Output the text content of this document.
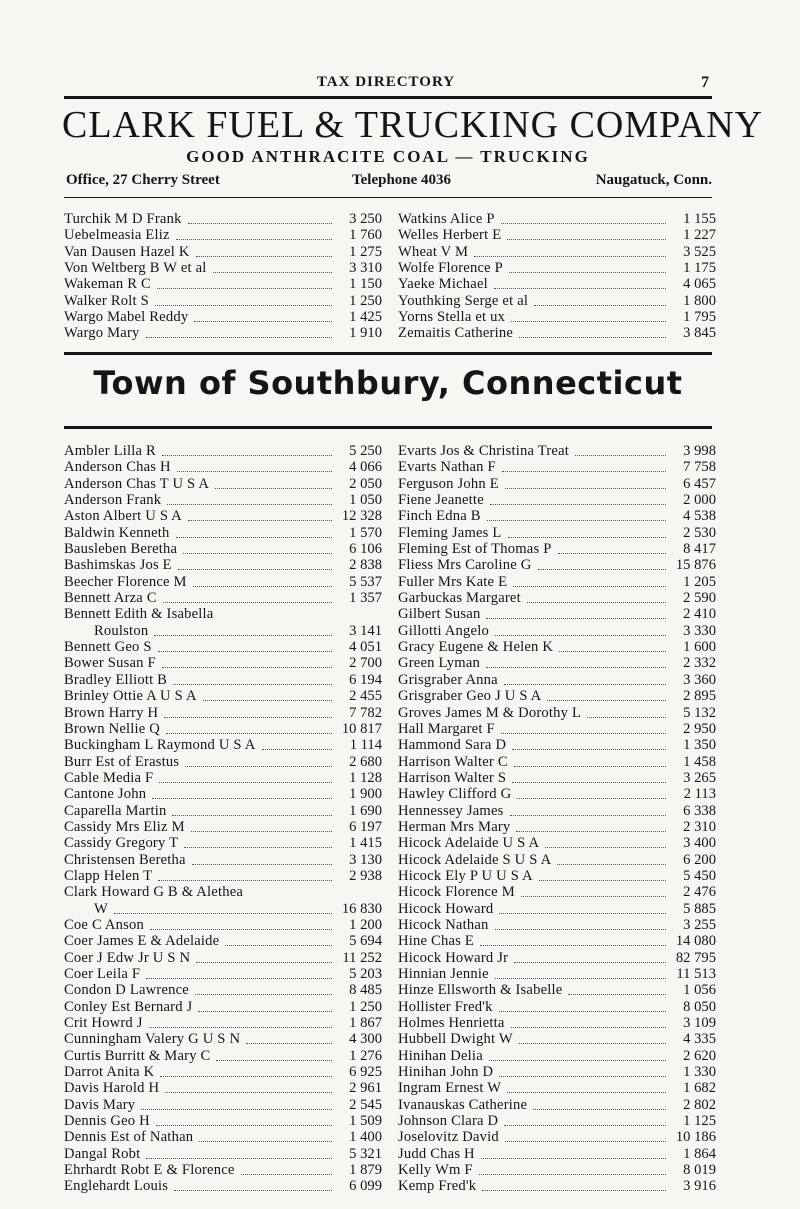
TAX DIRECTORY	7
CLARK FUEL & TRUCKING COMPANY
GOOD ANTHRACITE COAL — TRUCKING
Office, 27 Cherry Street	Telephone 4036	Naugatuck, Conn.
Turchik M D Frank	3 250
Uebelmeasia Eliz	1 760
Van Dausen Hazel K	1 275
Von Weltberg B W et al	3 310
Wakeman R C	1 150
Walker Rolt S	1 250
Wargo Mabel Reddy	1 425
Wargo Mary	1 910
Watkins Alice P	1 155
Welles Herbert E	1 227
Wheat V M	3 525
Wolfe Florence P	1 175
Yaeke Michael	4 065
Youthking Serge et al	1 800
Yorns Stella et ux	1 795
Zemaitis Catherine	3 845
Town of Southbury, Connecticut
Ambler Lilla R	5 250
Anderson Chas H	4 066
Anderson Chas T U S A	2 050
Anderson Frank	1 050
Aston Albert U S A	12 328
Baldwin Kenneth	1 570
Bausleben Beretha	6 106
Bashimskas Jos E	2 838
Beecher Florence M	5 537
Bennett Arza C	1 357
Bennett Edith & Isabella
Roulston	3 141
Bennett Geo S	4 051
Bower Susan F	2 700
Bradley Elliott B	6 194
Brinley Ottie A U S A	2 455
Brown Harry H	7 782
Brown Nellie Q	10 817
Buckingham L Raymond U S A	1 114
Burr Est of Erastus	2 680
Cable Media F	1 128
Cantone John	1 900
Caparella Martin	1 690
Cassidy Mrs Eliz M	6 197
Cassidy Gregory T	1 415
Christensen Beretha	3 130
Clapp Helen T	2 938
Clark Howard G B & Alethea
W	16 830
Coe C Anson	1 200
Coer James E & Adelaide	5 694
Coer J Edw Jr U S N	11 252
Coer Leila F	5 203
Condon D Lawrence	8 485
Conley Est Bernard J	1 250
Crit Howrd J	1 867
Cunningham Valery G U S N	4 300
Curtis Burritt & Mary C	1 276
Darrot Anita K	6 925
Davis Harold H	2 961
Davis Mary	2 545
Dennis Geo H	1 509
Dennis Est of Nathan	1 400
Dangal Robt	5 321
Ehrhardt Robt E & Florence	1 879
Englehardt Louis	6 099
Evarts Jos & Christina Treat	3 998
Evarts Nathan F	7 758
Ferguson John E	6 457
Fiene Jeanette	2 000
Finch Edna B	4 538
Fleming James L	2 530
Fleming Est of Thomas P	8 417
Fliess Mrs Caroline G	15 876
Fuller Mrs Kate E	1 205
Garbuckas Margaret	2 590
Gilbert Susan	2 410
Gillotti Angelo	3 330
Gracy Eugene & Helen K	1 600
Green Lyman	2 332
Grisgraber Anna	3 360
Grisgraber Geo J U S A	2 895
Groves James M & Dorothy L	5 132
Hall Margaret F	2 950
Hammond Sara D	1 350
Harrison Walter C	1 458
Harrison Walter S	3 265
Hawley Clifford G	2 113
Hennessey James	6 338
Herman Mrs Mary	2 310
Hicock Adelaide U S A	3 400
Hicock Adelaide S U S A	6 200
Hicock Ely P U U S A	5 450
Hicock Florence M	2 476
Hicock Howard	5 885
Hicock Nathan	3 255
Hine Chas E	14 080
Hicock Howard Jr	82 795
Hinnian Jennie	11 513
Hinze Ellsworth & Isabelle	1 056
Hollister Fred'k	8 050
Holmes Henrietta	3 109
Hubbell Dwight W	4 335
Hinihan Delia	2 620
Hinihan John D	1 330
Ingram Ernest W	1 682
Ivanauskas Catherine	2 802
Johnson Clara D	1 125
Joselovitz David	10 186
Judd Chas H	1 864
Kelly Wm F	8 019
Kemp Fred'k	3 916
